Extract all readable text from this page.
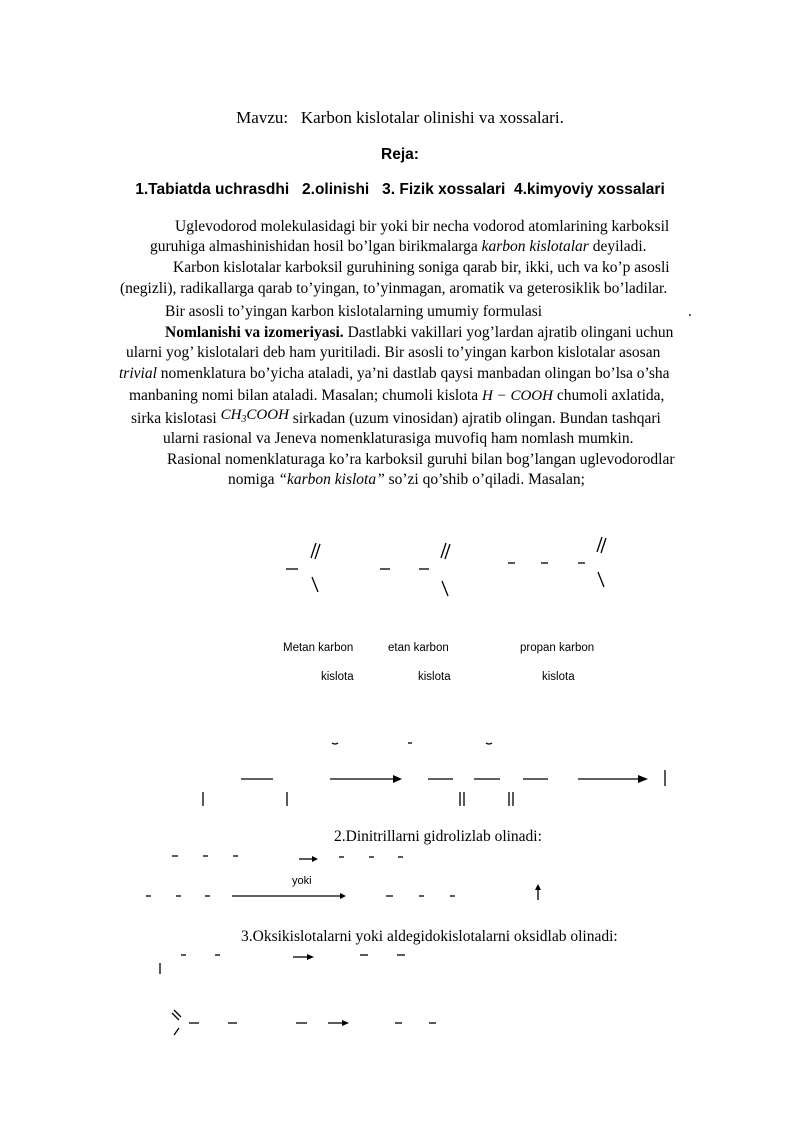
Mavzu: Karbon kislotalar olinishi va xossalari.
Reja:
1.Tabiatda uchrasdhi   2.olinishi   3. Fizik xossalari  4.kimyoviy xossalari
Uglevodorod molekulasidagi bir yoki bir necha vodorod atomlarining karboksil
guruhiga almashinishidan hosil bo’lgan birikmalarga karbon kislotalar deyiladi.
Karbon kislotalar karboksil guruhining soniga qarab bir, ikki, uch va ko’p asosli
(negizli), radikallarga qarab to’yingan, to’yinmagan, aromatik va geterosiklik bo’ladilar.
Bir asosli to’yingan karbon kislotalarning umumiy formulasi	.
Nomlanishi va izomeriyasi. Dastlabki vakillari yog’lardan ajratib olingani uchun
ularni yog’ kislotalari deb ham yuritiladi. Bir asosli to’yingan karbon kislotalar asosan
trivial nomenklatura bo’yicha ataladi, ya’ni dastlab qaysi manbadan olingan bo’lsa o’sha
manbaning nomi bilan ataladi. Masalan; chumoli kislota H − COOH chumoli axlatida,
sirka kislotasi $CH_3COOH$ sirkadan (uzum vinosidan) ajratib olingan. Bundan tashqari
ularni rasional va Jeneva nomenklaturasiga muvofiq ham nomlash mumkin.
Rasional nomenklaturaga ko’ra karboksil guruhi bilan bog’langan uglevodorodlar
nomiga “karbon kislota” so’zi qo’shib o’qiladi. Masalan;
Metan karbon
kislota
etan karbon
kislota
propan karbon
kislota
2.Dinitrillarni gidrolizlab olinadi:
yoki
3.Oksikislotalarni yoki aldegidokislotalarni oksidlab olinadi:
